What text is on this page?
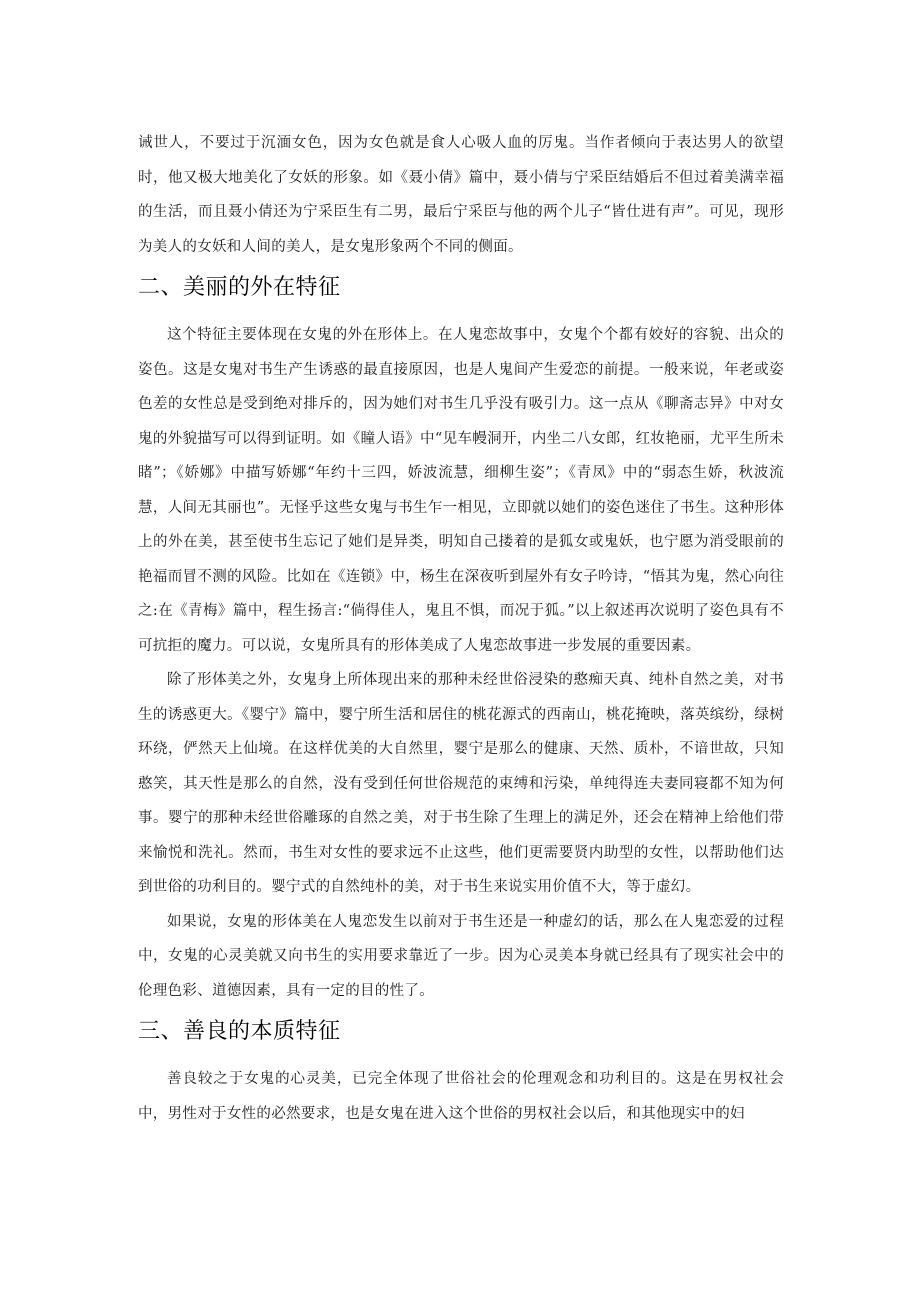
诫世人，不要过于沉湎女色，因为女色就是食人心吸人血的厉鬼。当作者倾向于表达男人的欲望时，他又极大地美化了女妖的形象。如《聂小倩》篇中，聂小倩与宁采臣结婚后不但过着美满幸福的生活，而且聂小倩还为宁采臣生有二男，最后宁采臣与他的两个儿子“皆仕进有声”。可见，现形为美人的女妖和人间的美人，是女鬼形象两个不同的侧面。

二、美丽的外在特征

这个特征主要体现在女鬼的外在形体上。在人鬼恋故事中，女鬼个个都有姣好的容貌、出众的姿色。这是女鬼对书生产生诱惑的最直接原因，也是人鬼间产生爱恋的前提。一般来说，年老或姿色差的女性总是受到绝对排斥的，因为她们对书生几乎没有吸引力。这一点从《聊斋志异》中对女鬼的外貌描写可以得到证明。如《瞳人语》中“见车幔洞开，内坐二八女郎，红妆艳丽，尤平生所未睹”；《娇娜》中描写娇娜“年约十三四，娇波流慧，细柳生姿”；《青凤》中的“弱态生娇，秋波流慧，人间无其丽也”。无怪乎这些女鬼与书生乍一相见，立即就以她们的姿色迷住了书生。这种形体上的外在美，甚至使书生忘记了她们是异类，明知自己搂着的是狐女或鬼妖，也宁愿为消受眼前的艳福而冒不测的风险。比如在《连锁》中，杨生在深夜听到屋外有女子吟诗，“悟其为鬼，然心向往之:在《青梅》篇中，程生扬言:“倘得佳人，鬼且不惧，而况于狐。”以上叙述再次说明了姿色具有不可抗拒的魔力。可以说，女鬼所具有的形体美成了人鬼恋故事进一步发展的重要因素。

除了形体美之外，女鬼身上所体现出来的那种未经世俗浸染的憨痴天真、纯朴自然之美，对书生的诱惑更大。《婴宁》篇中，婴宁所生活和居住的桃花源式的西南山，桃花掩映，落英缤纷，绿树环绕，俨然天上仙境。在这样优美的大自然里，婴宁是那么的健康、天然、质朴，不谙世故，只知憨笑，其天性是那么的自然，没有受到任何世俗规范的束缚和污染，单纯得连夫妻同寝都不知为何事。婴宁的那种未经世俗雕琢的自然之美，对于书生除了生理上的满足外，还会在精神上给他们带来愉悦和洗礼。然而，书生对女性的要求远不止这些，他们更需要贤内助型的女性，以帮助他们达到世俗的功利目的。婴宁式的自然纯朴的美，对于书生来说实用价值不大，等于虚幻。

如果说，女鬼的形体美在人鬼恋发生以前对于书生还是一种虚幻的话，那么在人鬼恋爱的过程中，女鬼的心灵美就又向书生的实用要求靠近了一步。因为心灵美本身就已经具有了现实社会中的伦理色彩、道德因素，具有一定的目的性了。

三、善良的本质特征

善良较之于女鬼的心灵美，已完全体现了世俗社会的伦理观念和功利目的。这是在男权社会中，男性对于女性的必然要求，也是女鬼在进入这个世俗的男权社会以后，和其他现实中的妇
